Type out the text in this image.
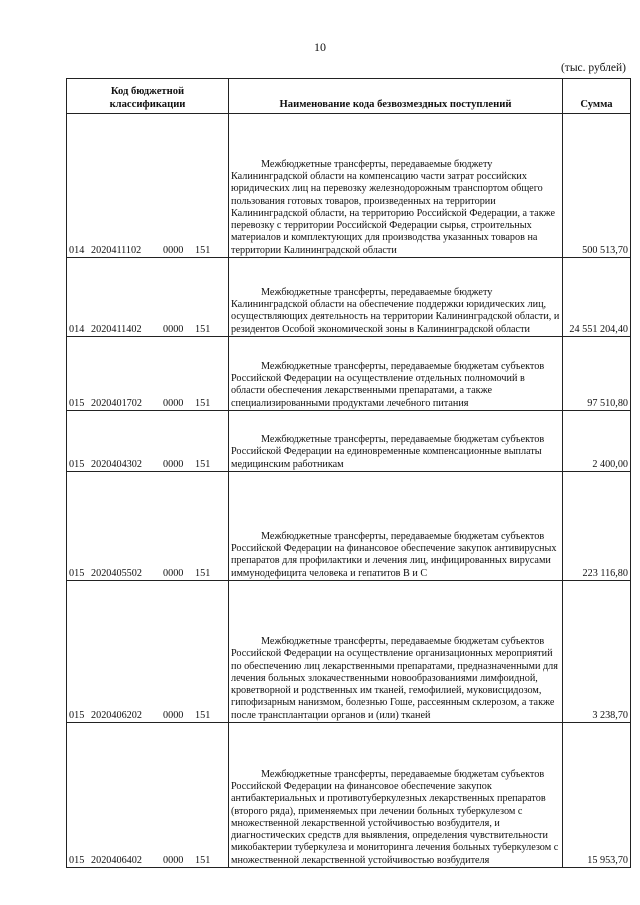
10
(тыс. рублей)
Код бюджетной
классификации	Наименование кода безвозмездных поступлений	Сумма
014 2020411102 0000 151	Межбюджетные трансферты, передаваемые бюджету Калининградской области на компенсацию части затрат российских юридических лиц на перевозку железнодорожным транспортом общего пользования готовых товаров, произведенных на территории Калининградской области, на территорию Российской Федерации, а также перевозку с территории Российской Федерации сырья, строительных материалов и комплектующих для производства указанных товаров на территории Калининградской области	500 513,70
014 2020411402 0000 151	Межбюджетные трансферты, передаваемые бюджету Калининградской области на обеспечение поддержки юридических лиц, осуществляющих деятельность на территории Калининградской области, и резидентов Особой экономической зоны в Калининградской области	24 551 204,40
015 2020401702 0000 151	Межбюджетные трансферты, передаваемые бюджетам субъектов Российской Федерации на осуществление отдельных полномочий в области обеспечения лекарственными препаратами, а также специализированными продуктами лечебного питания	97 510,80
015 2020404302 0000 151	Межбюджетные трансферты, передаваемые бюджетам субъектов Российской Федерации на единовременные компенсационные выплаты медицинским работникам	2 400,00
015 2020405502 0000 151	Межбюджетные трансферты, передаваемые бюджетам субъектов Российской Федерации на финансовое обеспечение закупок антивирусных препаратов для профилактики и лечения лиц, инфицированных вирусами иммунодефицита человека и гепатитов В и С	223 116,80
015 2020406202 0000 151	Межбюджетные трансферты, передаваемые бюджетам субъектов Российской Федерации на осуществление организационных мероприятий по обеспечению лиц лекарственными препаратами, предназначенными для лечения больных злокачественными новообразованиями лимфоидной, кроветворной и родственных им тканей, гемофилией, муковисцидозом, гипофизарным нанизмом, болезнью Гоше, рассеянным склерозом, а также после трансплантации органов и (или) тканей	3 238,70
015 2020406402 0000 151	Межбюджетные трансферты, передаваемые бюджетам субъектов Российской Федерации на финансовое обеспечение закупок антибактериальных и противотуберкулезных лекарственных препаратов (второго ряда), применяемых при лечении больных туберкулезом с множественной лекарственной устойчивостью возбудителя, и диагностических средств для выявления, определения чувствительности микобактерии туберкулеза и мониторинга лечения больных туберкулезом с множественной лекарственной устойчивостью возбудителя	15 953,70
